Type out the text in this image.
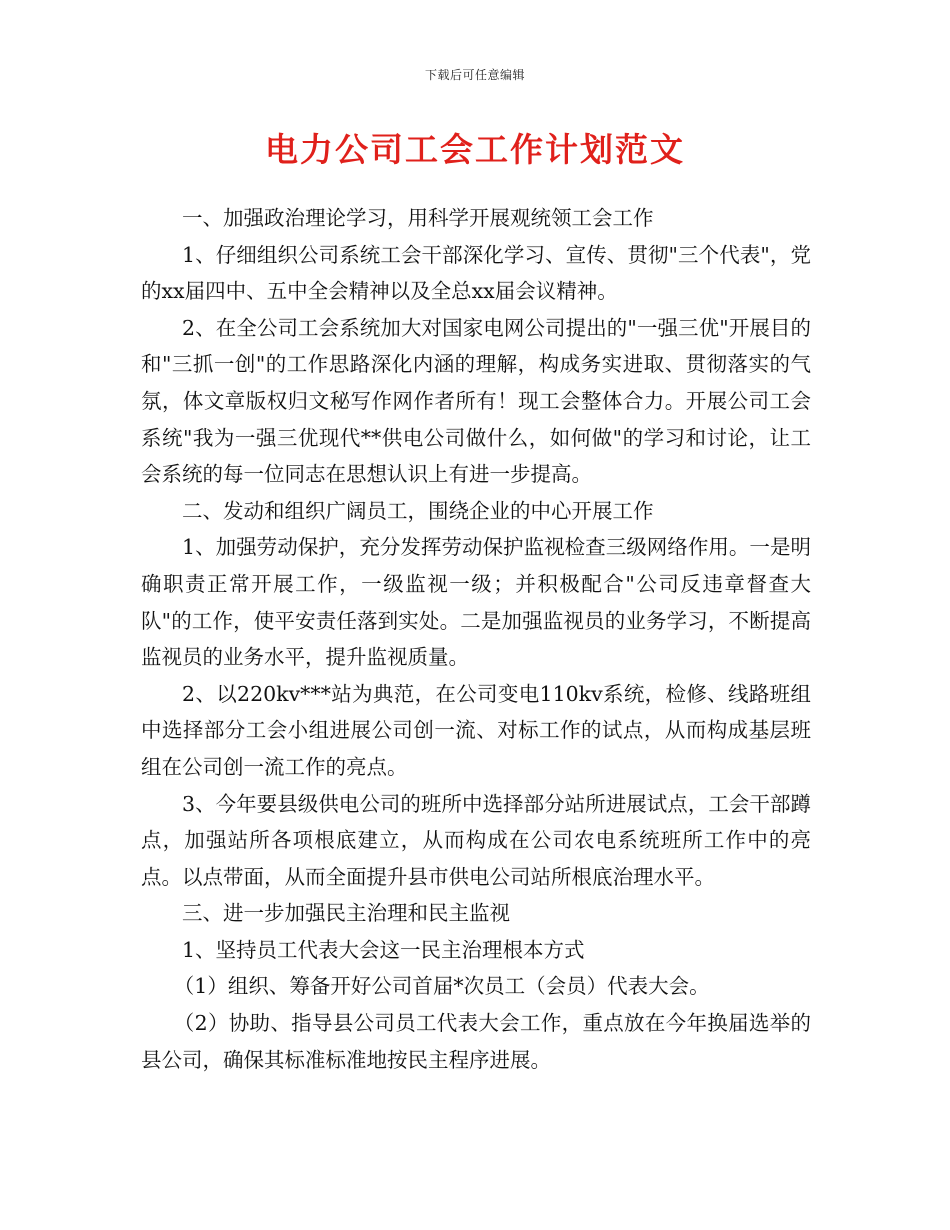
下载后可任意编辑
电力公司工会工作计划范文

一、加强政治理论学习，用科学开展观统领工会工作

1、仔细组织公司系统工会干部深化学习、宣传、贯彻"三个代表"，党的xx届四中、五中全会精神以及全总xx届会议精神。

2、在全公司工会系统加大对国家电网公司提出的"一强三优"开展目的和"三抓一创"的工作思路深化内涵的理解，构成务实进取、贯彻落实的气氛，体文章版权归文秘写作网作者所有！现工会整体合力。开展公司工会系统"我为一强三优现代**供电公司做什么，如何做"的学习和讨论，让工会系统的每一位同志在思想认识上有进一步提高。

二、发动和组织广阔员工，围绕企业的中心开展工作

1、加强劳动保护，充分发挥劳动保护监视检查三级网络作用。一是明确职责正常开展工作，一级监视一级；并积极配合"公司反违章督查大队"的工作，使平安责任落到实处。二是加强监视员的业务学习，不断提高监视员的业务水平，提升监视质量。

2、以220kv***站为典范，在公司变电110kv系统，检修、线路班组中选择部分工会小组进展公司创一流、对标工作的试点，从而构成基层班组在公司创一流工作的亮点。

3、今年要县级供电公司的班所中选择部分站所进展试点，工会干部蹲点，加强站所各项根底建立，从而构成在公司农电系统班所工作中的亮点。以点带面，从而全面提升县市供电公司站所根底治理水平。

三、进一步加强民主治理和民主监视

1、坚持员工代表大会这一民主治理根本方式

（1）组织、筹备开好公司首届*次员工（会员）代表大会。

（2）协助、指导县公司员工代表大会工作，重点放在今年换届选举的县公司，确保其标准标准地按民主程序进展。
